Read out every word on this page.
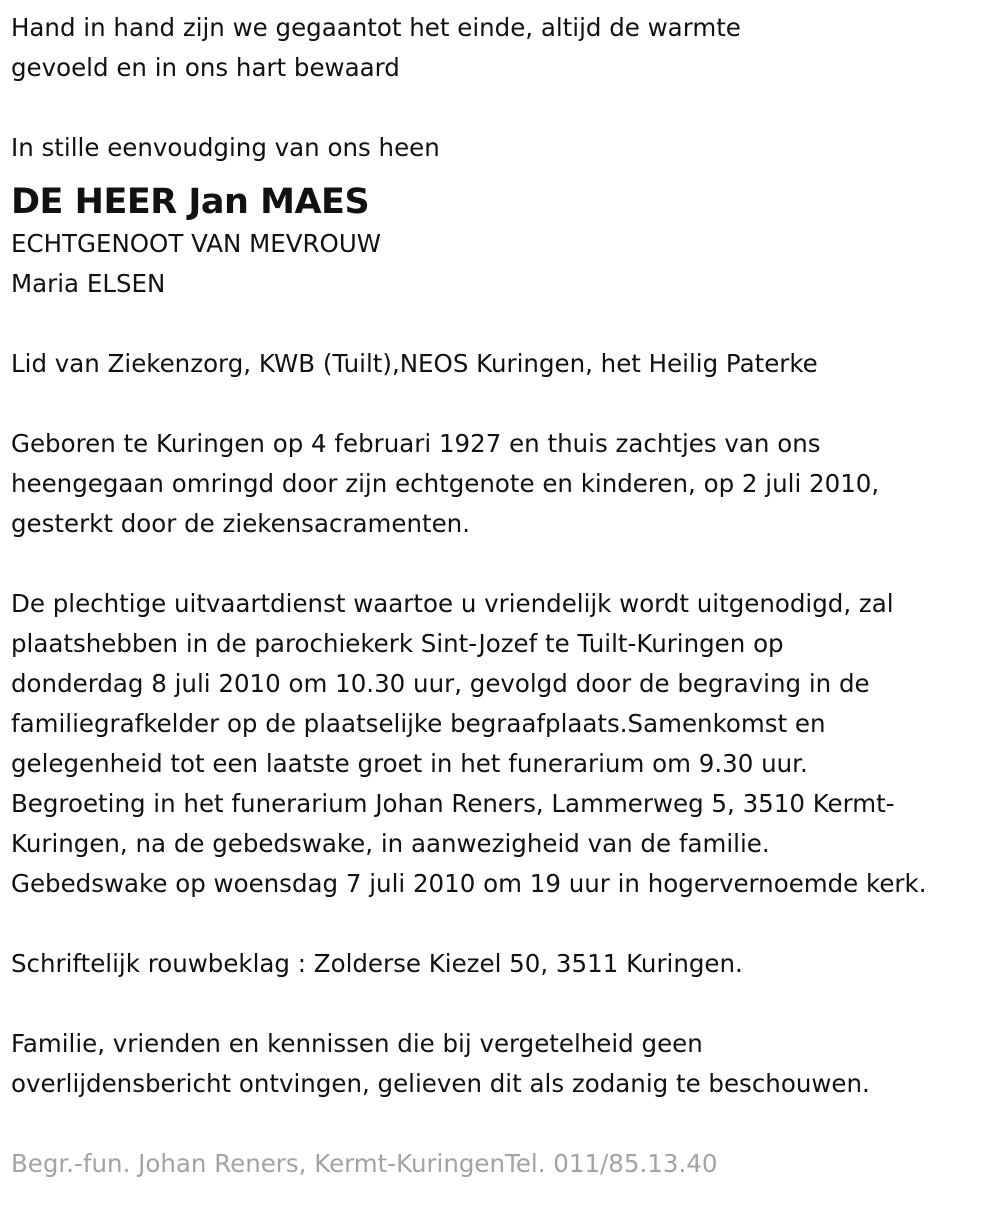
Hand in hand zijn we gegaantot het einde, altijd de warmte
gevoeld en in ons hart bewaard
In stille eenvoudging van ons heen
DE HEER Jan MAES
ECHTGENOOT VAN MEVROUW
Maria ELSEN
Lid van Ziekenzorg, KWB (Tuilt),NEOS Kuringen, het Heilig Paterke
Geboren te Kuringen op 4 februari 1927 en thuis zachtjes van ons
heengegaan omringd door zijn echtgenote en kinderen, op 2 juli 2010,
gesterkt door de ziekensacramenten.
De plechtige uitvaartdienst waartoe u vriendelijk wordt uitgenodigd, zal
plaatshebben in de parochiekerk Sint-Jozef te Tuilt-Kuringen op
donderdag 8 juli 2010 om 10.30 uur, gevolgd door de begraving in de
familiegrafkelder op de plaatselijke begraafplaats.Samenkomst en
gelegenheid tot een laatste groet in het funerarium om 9.30 uur.
Begroeting in het funerarium Johan Reners, Lammerweg 5, 3510 Kermt-
Kuringen, na de gebedswake, in aanwezigheid van de familie.
Gebedswake op woensdag 7 juli 2010 om 19 uur in hogervernoemde kerk.
Schriftelijk rouwbeklag : Zolderse Kiezel 50, 3511 Kuringen.
Familie, vrienden en kennissen die bij vergetelheid geen
overlijdensbericht ontvingen, gelieven dit als zodanig te beschouwen.
Begr.-fun. Johan Reners, Kermt-KuringenTel. 011/85.13.40
